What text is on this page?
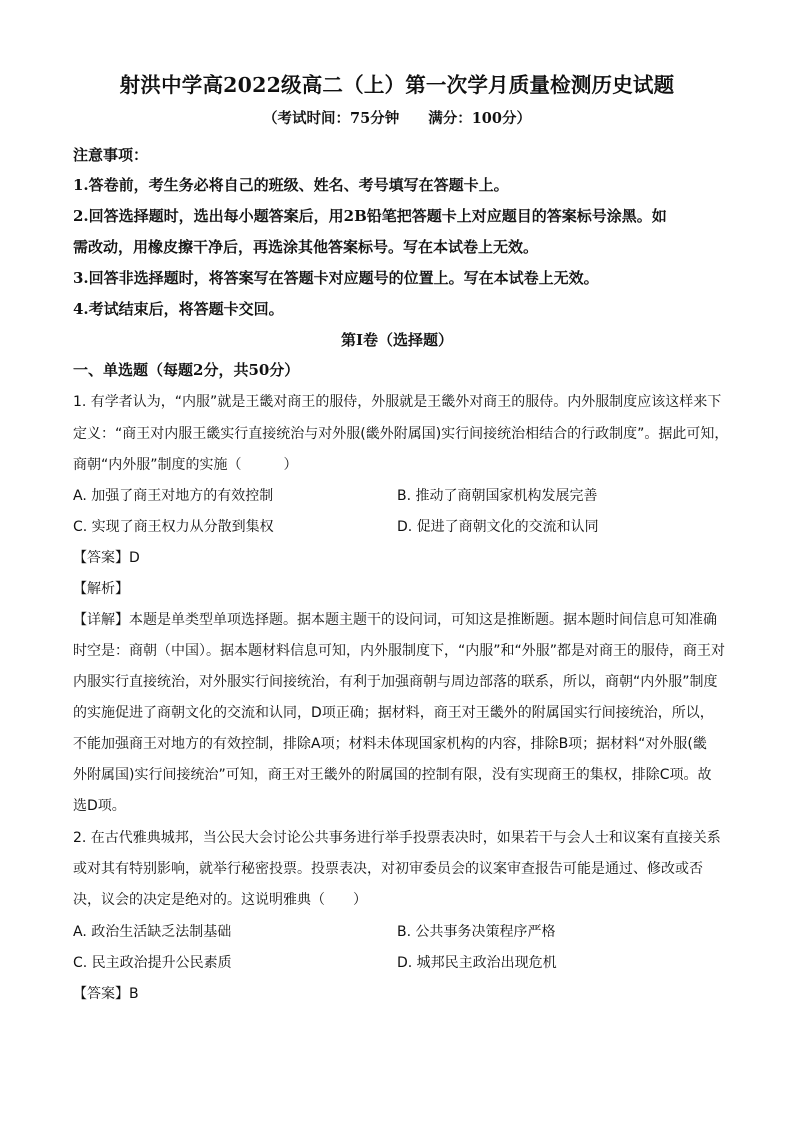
射洪中学高2022级高二（上）第一次学月质量检测历史试题
（考试时间：75分钟　　满分：100分）
注意事项：
1.答卷前，考生务必将自己的班级、姓名、考号填写在答题卡上。
2.回答选择题时，选出每小题答案后，用2B铅笔把答题卡上对应题目的答案标号涂黑。如
需改动，用橡皮擦干净后，再选涂其他答案标号。写在本试卷上无效。
3.回答非选择题时，将答案写在答题卡对应题号的位置上。写在本试卷上无效。
4.考试结束后，将答题卡交回。
第Ⅰ卷（选择题）
一、单选题（每题2分，共50分）
1. 有学者认为，“内服”就是王畿对商王的服侍，外服就是王畿外对商王的服侍。内外服制度应该这样来下
定义：“商王对内服王畿实行直接统治与对外服(畿外附属国)实行间接统治相结合的行政制度”。据此可知，
商朝“内外服”制度的实施（　　　）
A. 加强了商王对地方的有效控制	B. 推动了商朝国家机构发展完善
C. 实现了商王权力从分散到集权	D. 促进了商朝文化的交流和认同
【答案】D
【解析】
【详解】本题是单类型单项选择题。据本题主题干的设问词，可知这是推断题。据本题时间信息可知准确
时空是：商朝（中国）。据本题材料信息可知，内外服制度下，“内服”和“外服”都是对商王的服侍，商王对
内服实行直接统治，对外服实行间接统治，有利于加强商朝与周边部落的联系，所以，商朝“内外服”制度
的实施促进了商朝文化的交流和认同，D项正确；据材料，商王对王畿外的附属国实行间接统治，所以，
不能加强商王对地方的有效控制，排除A项；材料未体现国家机构的内容，排除B项；据材料“对外服(畿
外附属国)实行间接统治”可知，商王对王畿外的附属国的控制有限，没有实现商王的集权，排除C项。故
选D项。
2. 在古代雅典城邦，当公民大会讨论公共事务进行举手投票表决时，如果若干与会人士和议案有直接关系
或对其有特别影响，就举行秘密投票。投票表决，对初审委员会的议案审查报告可能是通过、修改或否
决，议会的决定是绝对的。这说明雅典（　　）
A. 政治生活缺乏法制基础	B. 公共事务决策程序严格
C. 民主政治提升公民素质	D. 城邦民主政治出现危机
【答案】B
